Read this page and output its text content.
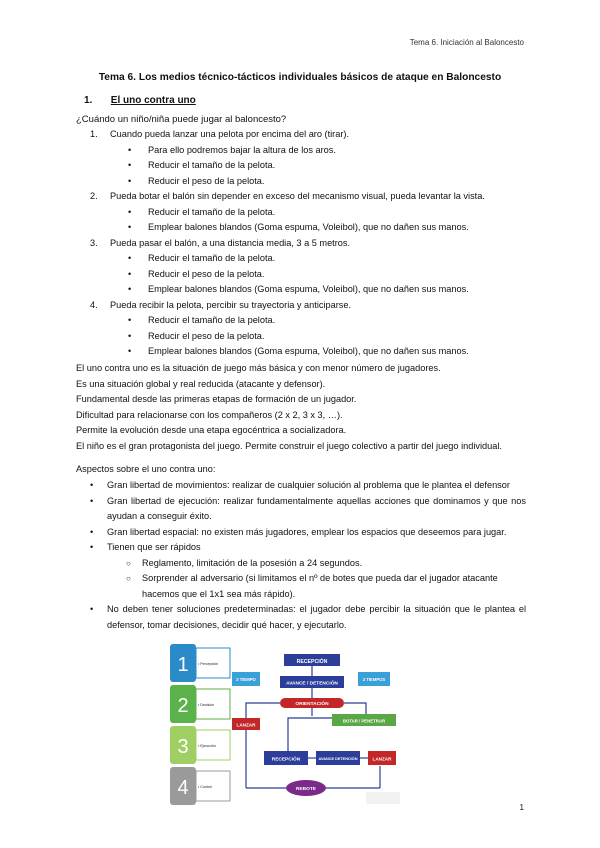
Tema 6. Iniciación al Baloncesto
Tema 6. Los medios técnico-tácticos individuales básicos de ataque en Baloncesto
1. El uno contra uno
¿Cuándo un niño/niña puede jugar al baloncesto?
1. Cuando pueda lanzar una pelota por encima del aro (tirar).
• Para ello podremos bajar la altura de los aros.
• Reducir el tamaño de la pelota.
• Reducir el peso de la pelota.
2. Pueda botar el balón sin depender en exceso del mecanismo visual, pueda levantar la vista.
• Reducir el tamaño de la pelota.
• Emplear balones blandos (Goma espuma, Voleibol), que no dañen sus manos.
3. Pueda pasar el balón, a una distancia media, 3 a 5 metros.
• Reducir el tamaño de la pelota.
• Reducir el peso de la pelota.
• Emplear balones blandos (Goma espuma, Voleibol), que no dañen sus manos.
4. Pueda recibir la pelota, percibir su trayectoria y anticiparse.
• Reducir el tamaño de la pelota.
• Reducir el peso de la pelota.
• Emplear balones blandos (Goma espuma, Voleibol), que no dañen sus manos.
El uno contra uno es la situación de juego más básica y con menor número de jugadores.
Es una situación global y real reducida (atacante y defensor).
Fundamental desde las primeras etapas de formación de un jugador.
Dificultad para relacionarse con los compañeros (2 x 2, 3 x 3, …).
Permite la evolución desde una etapa egocéntrica a socializadora.
El niño es el gran protagonista del juego. Permite construir el juego colectivo a partir del juego individual.
Aspectos sobre el uno contra uno:
• Gran libertad de movimientos: realizar de cualquier solución al problema que le plantea el defensor
• Gran libertad de ejecución: realizar fundamentalmente aquellas acciones que dominamos y que nos ayudan a conseguir éxito.
• Gran libertad espacial: no existen más jugadores, emplear los espacios que deseemos para jugar.
• Tienen que ser rápidos
○ Reglamento, limitación de la posesión a 24 segundos.
○ Sorprender al adversario (si limitamos el nº de botes que pueda dar el jugador atacante hacemos que el 1x1 sea más rápido).
• No deben tener soluciones predeterminadas: el jugador debe percibir la situación que le plantea el defensor, tomar decisiones, decidir qué hacer, y ejecutarlo.
1	• Percepción
2	• Decisión
3	• Ejecución
4	• Control
RECEPCIÓN
AVANCE / DETENCIÓN
2 TIEMPO	2 TIEMPOS
ORIENTACIÓN
LANZAR
BOTAR / PENETRAR
RECEPCIÓN	AVANCE DETENCIÓN	LANZAR
REBOTE
1
